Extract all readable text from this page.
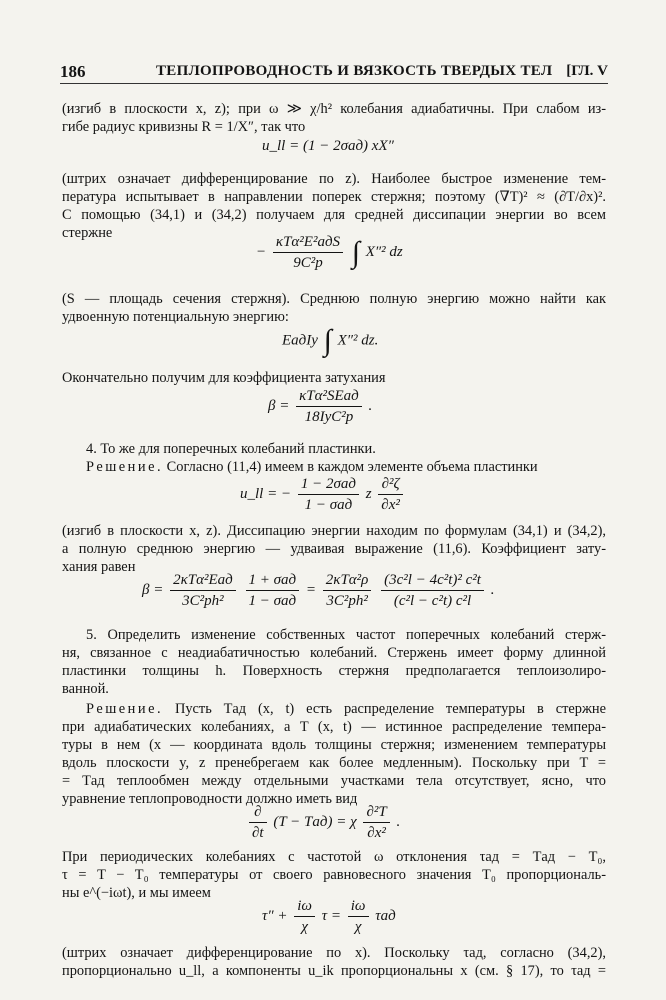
186	ТЕПЛОПРОВОДНОСТЬ И ВЯЗКОСТЬ ТВЕРДЫХ ТЕЛ [ГЛ. V
(изгиб в плоскости x, z); при ω ≫ χ/h² колебания адиабатичны. При слабом из-
гибе радиус кривизны R = 1/X″, так что
u_ll = (1 − 2σад) xX″
(штрих означает дифференцирование по z). Наиболее быстрое изменение тем-
пература испытывает в направлении поперек стержня; поэтому (∇T)² ≈ (∂T/∂x)².
С помощью (34,1) и (34,2) получаем для средней диссипации энергии во всем
стержне
− $\frac{\text{κTα²E²адS}}{\text{9C²p}}$ ∫ X″² dz
(S — площадь сечения стержня). Среднюю полную энергию можно найти как
удвоенную потенциальную энергию:
EадIy ∫ X″² dz.
Окончательно получим для коэффициента затухания
$\beta = \frac{\text{κTα²SEад}}{\text{18IyC²p}}$ .
4. То же для поперечных колебаний пластинки.
Решение. Согласно (11,4) имеем в каждом элементе объема пластинки
u_ll = − $\frac{\text{1 − 2σад}}{\text{1 − σад}}$ z $\frac{\text{∂²ζ}}{\text{∂x²}}$
(изгиб в плоскости x, z). Диссипацию энергии находим по формулам (34,1) и (34,2),
а полную среднюю энергию — удваивая выражение (11,6). Коэффициент зату-
хания равен
$\beta = \frac{\text{2κTα²Eад}}{\text{3C²ph²}}$
$\frac{\text{1 + σад}}{\text{1 − σад}} = \frac{\text{2κTα²ρ}}{\text{3C²ph²}}$
$\frac{\text{(3c²l − 4c²t)² c²t}}{\text{(c²l − c²t) c²l}}$ .
5. Определить изменение собственных частот поперечных колебаний стерж-
ня, связанное с неадиабатичностью колебаний. Стержень имеет форму длинной
пластинки толщины h. Поверхность стержня предполагается теплоизолиро-
ванной.
Решение. Пусть Tад (x, t) есть распределение температуры в стержне
при адиабатических колебаниях, а T (x, t) — истинное распределение темпера-
туры в нем (x — координата вдоль толщины стержня; изменением температуры
вдоль плоскости y, z пренебрегаем как более медленным). Поскольку при T =
= Tад теплообмен между отдельными участками тела отсутствует, ясно, что
уравнение теплопроводности должно иметь вид
$\frac{\partial}{\partial t} (T - Tад) = \chi \frac{\text{∂²T}}{\text{∂x²}}$ .
При периодических колебаниях с частотой ω отклонения τад = Tад − T₀,
τ = T − T₀ температуры от своего равновесного значения T₀ пропорциональ-
ны e^(−iωt), и мы имеем
$\tau'' + \frac{i\omega}{\chi}$ $\tau = \frac{i\omega}{\chi}$ τад
(штрих означает дифференцирование по x). Поскольку τад, согласно (34,2),
пропорционально u_ll, а компоненты u_ik пропорциональны x (см. § 17), то τад =
